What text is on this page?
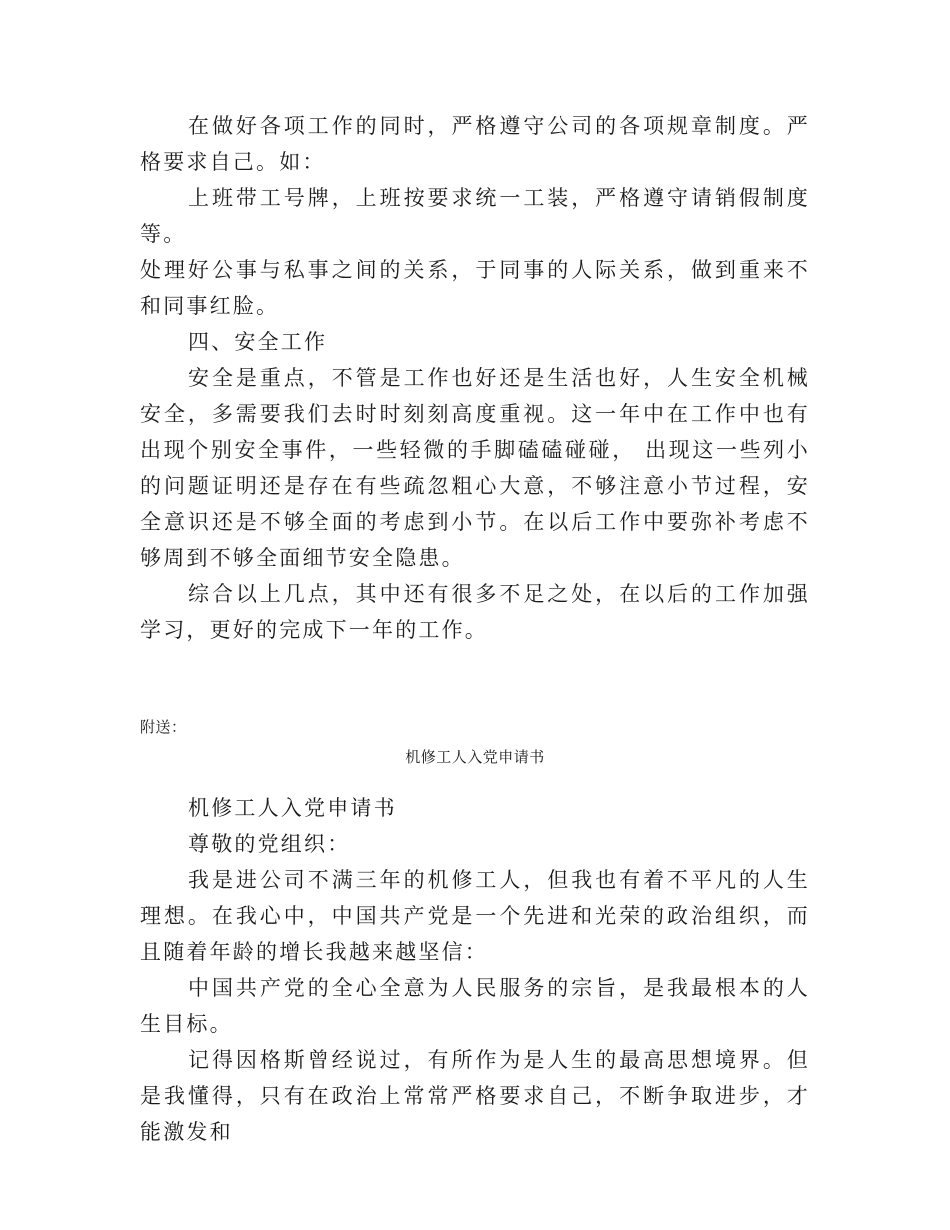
在做好各项工作的同时，严格遵守公司的各项规章制度。严格要求自己。如：

上班带工号牌，上班按要求统一工装，严格遵守请销假制度等。

处理好公事与私事之间的关系，于同事的人际关系，做到重来不和同事红脸。

四、安全工作

安全是重点，不管是工作也好还是生活也好，人生安全机械安全，多需要我们去时时刻刻高度重视。这一年中在工作中也有出现个别安全事件，一些轻微的手脚磕磕碰碰， 出现这一些列小的问题证明还是存在有些疏忽粗心大意，不够注意小节过程，安全意识还是不够全面的考虑到小节。在以后工作中要弥补考虑不够周到不够全面细节安全隐患。

综合以上几点，其中还有很多不足之处，在以后的工作加强学习，更好的完成下一年的工作。

附送：

机修工人入党申请书

机修工人入党申请书

尊敬的党组织：

我是进公司不满三年的机修工人，但我也有着不平凡的人生理想。在我心中，中国共产党是一个先进和光荣的政治组织，而且随着年龄的增长我越来越坚信：

中国共产党的全心全意为人民服务的宗旨，是我最根本的人生目标。

记得因格斯曾经说过，有所作为是人生的最高思想境界。但是我懂得，只有在政治上常常严格要求自己，不断争取进步，才能激发和
